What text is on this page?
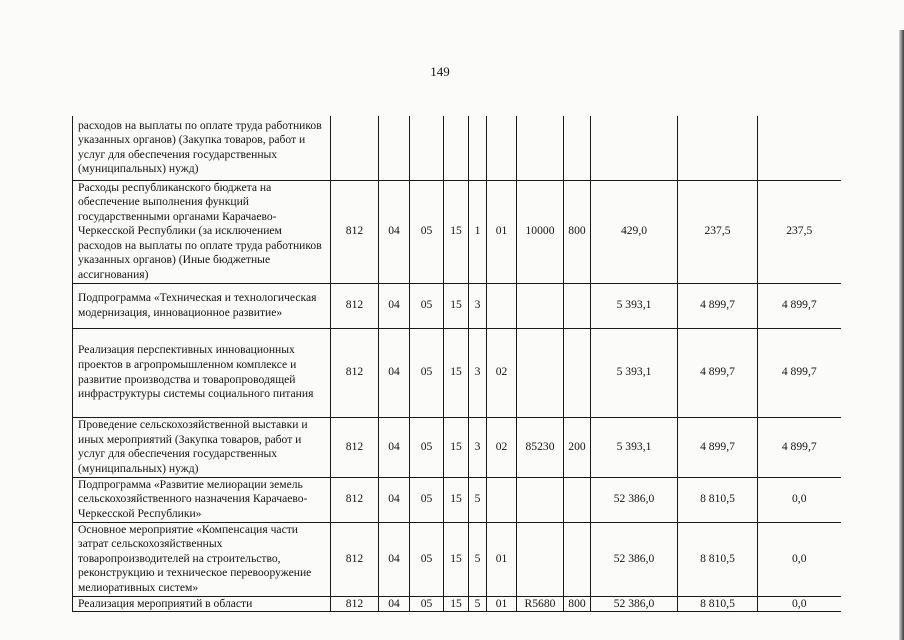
149
расходов на выплаты по оплате труда работников указанных органов) (Закупка товаров, работ и услуг для обеспечения государственных (муниципальных) нужд)											
Расходы республиканского бюджета на обеспечение выполнения функций государственными органами Карачаево-Черкесской Республики (за исключением расходов на выплаты по оплате труда работников указанных органов) (Иные бюджетные ассигнования)	812	04	05	15	1	01	10000	800	429,0	237,5	237,5
Подпрограмма «Техническая и технологическая модернизация, инновационное развитие»	812	04	05	15	3				5 393,1	4 899,7	4 899,7
Реализация перспективных инновационных проектов в агропромышленном комплексе и развитие производства и товаропроводящей инфраструктуры системы социального питания	812	04	05	15	3	02			5 393,1	4 899,7	4 899,7
Проведение сельскохозяйственной выставки и иных мероприятий (Закупка товаров, работ и услуг для обеспечения государственных (муниципальных) нужд)	812	04	05	15	3	02	85230	200	5 393,1	4 899,7	4 899,7
Подпрограмма «Развитие мелиорации земель сельскохозяйственного назначения Карачаево-Черкесской Республики»	812	04	05	15	5				52 386,0	8 810,5	0,0
Основное мероприятие «Компенсация части затрат сельскохозяйственных товаропроизводителей на строительство, реконструкцию и техническое перевооружение мелиоративных систем»	812	04	05	15	5	01			52 386,0	8 810,5	0,0
Реализация мероприятий в области	812	04	05	15	5	01	R5680	800	52 386,0	8 810,5	0,0
